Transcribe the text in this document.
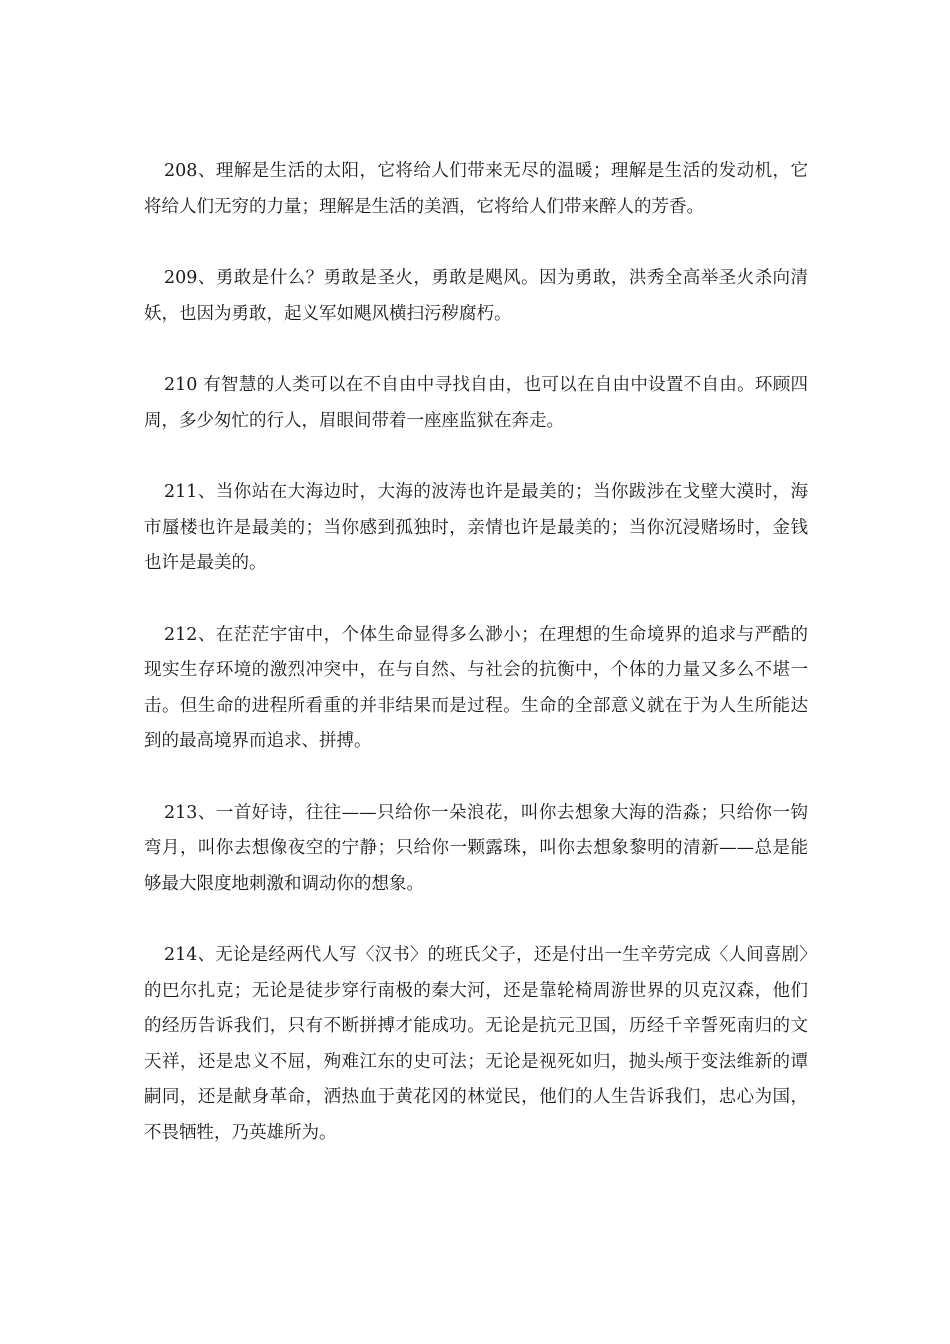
208、理解是生活的太阳，它将给人们带来无尽的温暖；理解是生活的发动机，它将给人们无穷的力量；理解是生活的美酒，它将给人们带来醉人的芳香。

209、勇敢是什么？勇敢是圣火，勇敢是飓风。因为勇敢，洪秀全高举圣火杀向清妖，也因为勇敢，起义军如飓风横扫污秽腐朽。

210 有智慧的人类可以在不自由中寻找自由，也可以在自由中设置不自由。环顾四周，多少匆忙的行人，眉眼间带着一座座监狱在奔走。

211、当你站在大海边时，大海的波涛也许是最美的；当你跋涉在戈壁大漠时，海市蜃楼也许是最美的；当你感到孤独时，亲情也许是最美的；当你沉浸赌场时，金钱也许是最美的。

212、在茫茫宇宙中，个体生命显得多么渺小；在理想的生命境界的追求与严酷的现实生存环境的激烈冲突中，在与自然、与社会的抗衡中，个体的力量又多么不堪一击。但生命的进程所看重的并非结果而是过程。生命的全部意义就在于为人生所能达到的最高境界而追求、拼搏。

213、一首好诗，往往——只给你一朵浪花，叫你去想象大海的浩淼；只给你一钩弯月，叫你去想像夜空的宁静；只给你一颗露珠，叫你去想象黎明的清新——总是能够最大限度地刺激和调动你的想象。

214、无论是经两代人写〈汉书〉的班氏父子，还是付出一生辛劳完成〈人间喜剧〉的巴尔扎克；无论是徒步穿行南极的秦大河，还是靠轮椅周游世界的贝克汉森，他们的经历告诉我们，只有不断拼搏才能成功。无论是抗元卫国，历经千辛誓死南归的文天祥，还是忠义不屈，殉难江东的史可法；无论是视死如归，抛头颅于变法维新的谭嗣同，还是献身革命，洒热血于黄花冈的林觉民，他们的人生告诉我们，忠心为国，不畏牺牲，乃英雄所为。
